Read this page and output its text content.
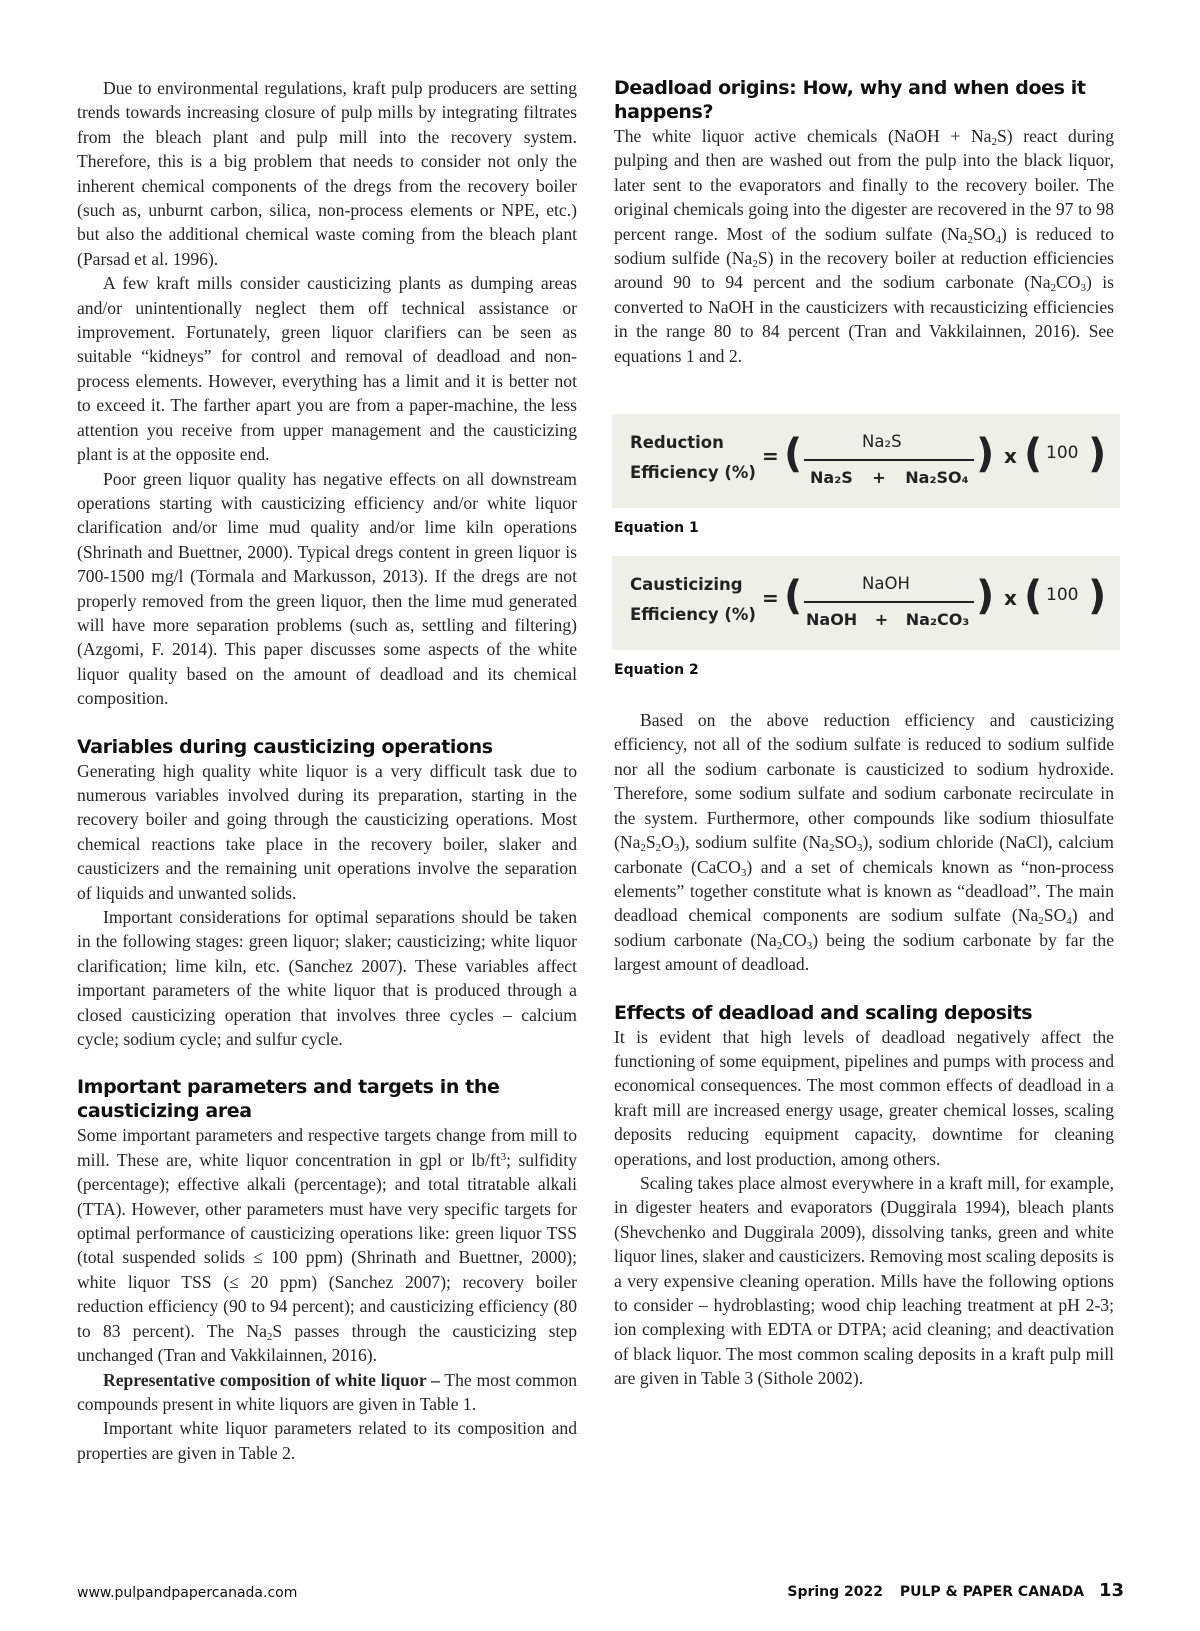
Due to environmental regulations, kraft pulp producers are setting trends towards increasing closure of pulp mills by integrating filtrates from the bleach plant and pulp mill into the recovery system. Therefore, this is a big problem that needs to consider not only the inherent chemical components of the dregs from the recovery boiler (such as, unburnt carbon, silica, non-process elements or NPE, etc.) but also the additional chemical waste coming from the bleach plant (Parsad et al. 1996).

A few kraft mills consider causticizing plants as dumping areas and/or unintentionally neglect them off technical assistance or improvement. Fortunately, green liquor clarifiers can be seen as suitable “kidneys” for control and removal of deadload and non-process elements. However, everything has a limit and it is better not to exceed it. The farther apart you are from a paper-machine, the less attention you receive from upper management and the causticizing plant is at the opposite end.

Poor green liquor quality has negative effects on all downstream operations starting with causticizing efficiency and/or white liquor clarification and/or lime mud quality and/or lime kiln operations (Shrinath and Buettner, 2000). Typical dregs content in green liquor is 700-1500 mg/l (Tormala and Markusson, 2013). If the dregs are not properly removed from the green liquor, then the lime mud generated will have more separation problems (such as, settling and filtering) (Azgomi, F. 2014). This paper discusses some aspects of the white liquor quality based on the amount of deadload and its chemical composition.

Variables during causticizing operations

Generating high quality white liquor is a very difficult task due to numerous variables involved during its preparation, starting in the recovery boiler and going through the causticizing operations. Most chemical reactions take place in the recovery boiler, slaker and causticizers and the remaining unit operations involve the separation of liquids and unwanted solids.

Important considerations for optimal separations should be taken in the following stages: green liquor; slaker; causticizing; white liquor clarification; lime kiln, etc. (Sanchez 2007). These variables affect important parameters of the white liquor that is produced through a closed causticizing operation that involves three cycles – calcium cycle; sodium cycle; and sulfur cycle.

Important parameters and targets in the causticizing area

Some important parameters and respective targets change from mill to mill. These are, white liquor concentration in gpl or $lb/ft^3$; sulfidity (percentage); effective alkali (percentage); and total titratable alkali (TTA). However, other parameters must have very specific targets for optimal performance of causticizing operations like: green liquor TSS (total suspended solids ≤ 100 ppm) (Shrinath and Buettner, 2000); white liquor TSS (≤ 20 ppm) (Sanchez 2007); recovery boiler reduction efficiency (90 to 94 percent); and causticizing efficiency (80 to 83 percent). The $Na_2S$ passes through the causticizing step unchanged (Tran and Vakkilainnen, 2016).

Representative composition of white liquor – The most common compounds present in white liquors are given in Table 1.

Important white liquor parameters related to its composition and properties are given in Table 2.

Deadload origins: How, why and when does it happens?

The white liquor active chemicals (NaOH + $Na_2S$) react during pulping and then are washed out from the pulp into the black liquor, later sent to the evaporators and finally to the recovery boiler. The original chemicals going into the digester are recovered in the 97 to 98 percent range. Most of the sodium sulfate $(Na_2SO_4)$ is reduced to sodium sulfide $(Na_2S)$ in the recovery boiler at reduction efficiencies around 90 to 94 percent and the sodium carbonate $(Na_2CO_3)$ is converted to NaOH in the causticizers with recausticizing efficiencies in the range 80 to 84 percent (Tran and Vakkilainnen, 2016). See equations 1 and 2.

Reduction
Efficiency (%)
= (	Na₂S
Na₂S + Na₂SO₄
) x ( 100 )
Equation 1
Causticizing
Efficiency (%)
= (	NaOH
NaOH + Na₂CO₃
) x ( 100 )
Equation 2

Based on the above reduction efficiency and causticizing efficiency, not all of the sodium sulfate is reduced to sodium sulfide nor all the sodium carbonate is causticized to sodium hydroxide. Therefore, some sodium sulfate and sodium carbonate recirculate in the system. Furthermore, other compounds like sodium thiosulfate $(Na_2S_2O_3)$, sodium sulfite $(Na_2SO_3)$, sodium chloride (NaCl), calcium carbonate (CaCO$_3$) and a set of chemicals known as “non-process elements” together constitute what is known as “deadload”. The main deadload chemical components are sodium sulfate $(Na_2SO_4)$ and sodium carbonate $(Na_2CO_3)$ being the sodium carbonate by far the largest amount of deadload.

Effects of deadload and scaling deposits

It is evident that high levels of deadload negatively affect the functioning of some equipment, pipelines and pumps with process and economical consequences. The most common effects of deadload in a kraft mill are increased energy usage, greater chemical losses, scaling deposits reducing equipment capacity, downtime for cleaning operations, and lost production, among others.

Scaling takes place almost everywhere in a kraft mill, for example, in digester heaters and evaporators (Duggirala 1994), bleach plants (Shevchenko and Duggirala 2009), dissolving tanks, green and white liquor lines, slaker and causticizers. Removing most scaling deposits is a very expensive cleaning operation. Mills have the following options to consider – hydroblasting; wood chip leaching treatment at pH 2-3; ion complexing with EDTA or DTPA; acid cleaning; and deactivation of black liquor. The most common scaling deposits in a kraft pulp mill are given in Table 3 (Sithole 2002).

www.pulpandpapercanada.com	Spring 2022 PULP & PAPER CANADA 13
